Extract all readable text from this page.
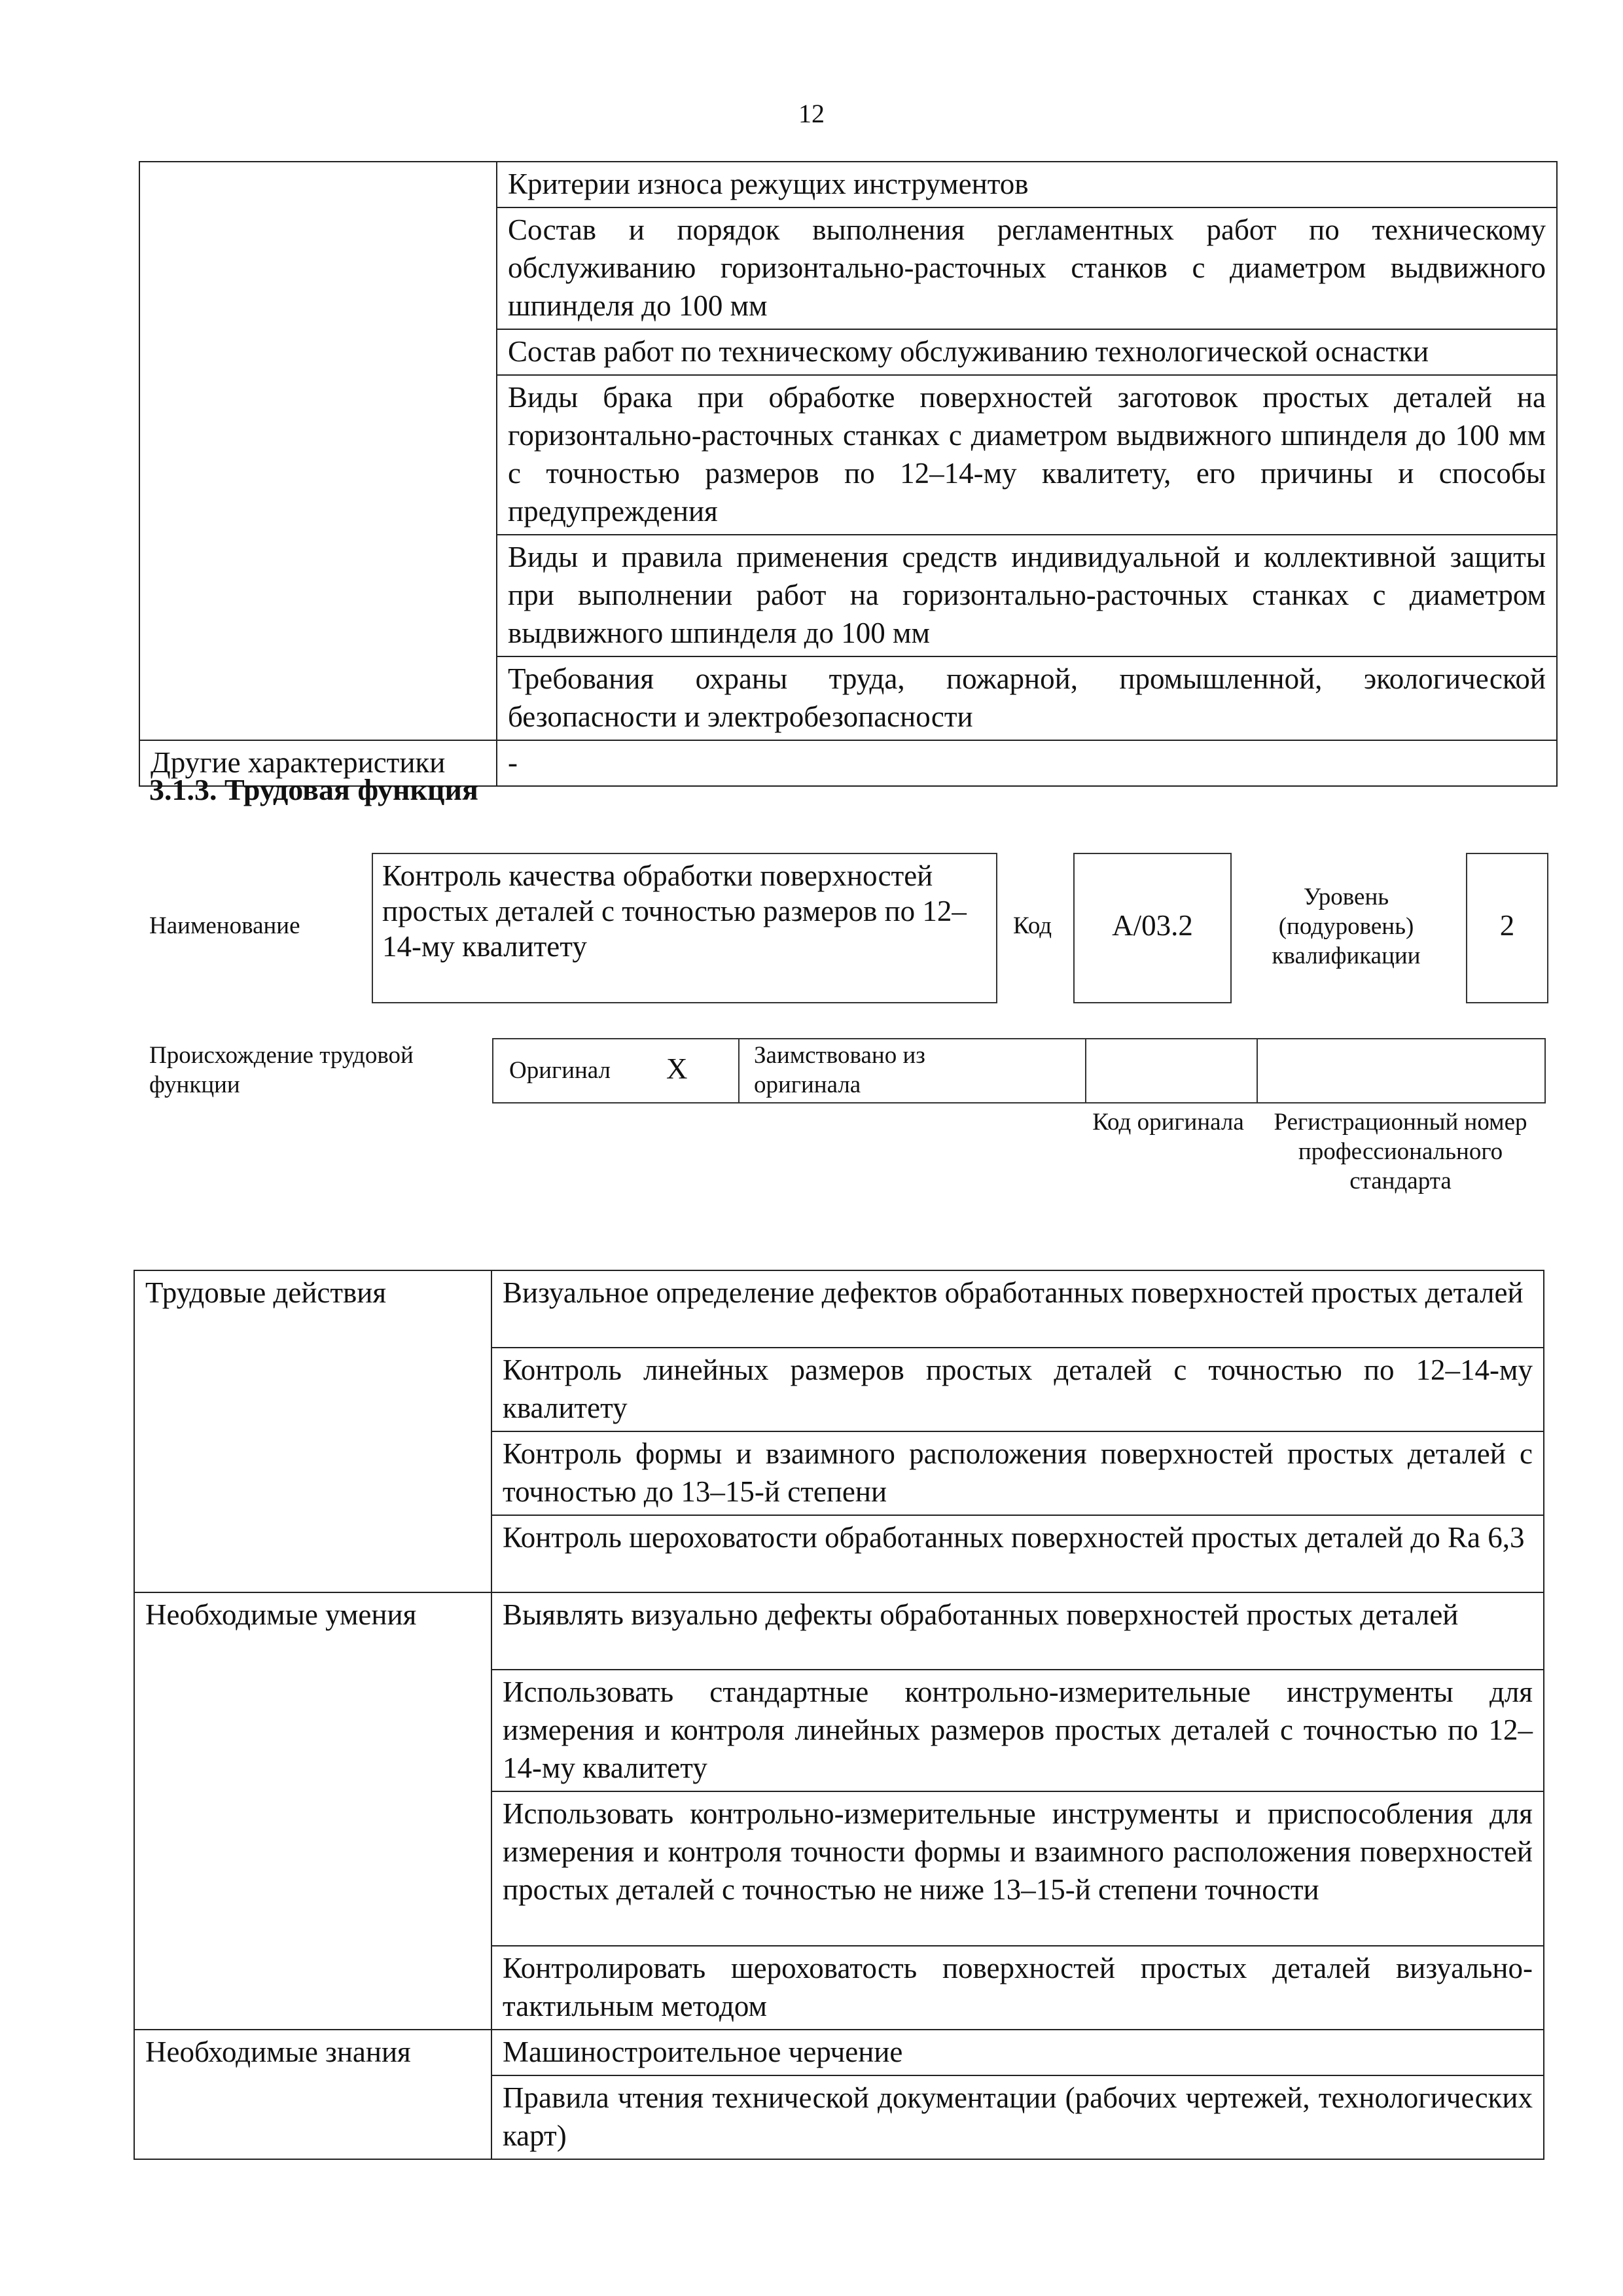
12
	Критерии износа режущих инструментов
	Состав и порядок выполнения регламентных работ по техническому обслуживанию горизонтально-расточных станков с диаметром выдвижного шпинделя до 100 мм
	Состав работ по техническому обслуживанию технологической оснастки
	Виды брака при обработке поверхностей заготовок простых деталей на горизонтально-расточных станках с диаметром выдвижного шпинделя до 100 мм с точностью размеров по 12–14-му квалитету, его причины и способы предупреждения
	Виды и правила применения средств индивидуальной и коллективной защиты при выполнении работ на горизонтально-расточных станках с диаметром выдвижного шпинделя до 100 мм
	Требования охраны труда, пожарной, промышленной, экологической безопасности и электробезопасности
Другие характеристики	-
3.1.3. Трудовая функция
Наименование
Контроль качества обработки поверхностей простых деталей с точностью размеров по 12–14-му квалитету
Код	A/03.2
Уровень (подуровень) квалификации
2
Происхождение трудовой функции
Оригинал X	Заимствовано из оригинала
Код оригинала	Регистрационный номер профессионального стандарта
Трудовые действия	Визуальное определение дефектов обработанных поверхностей простых деталей
	Контроль линейных размеров простых деталей с точностью по 12–14-му квалитету
	Контроль формы и взаимного расположения поверхностей простых деталей с точностью до 13–15-й степени
	Контроль шероховатости обработанных поверхностей простых деталей до Ra 6,3
Необходимые умения	Выявлять визуально дефекты обработанных поверхностей простых деталей
	Использовать стандартные контрольно-измерительные инструменты для измерения и контроля линейных размеров простых деталей с точностью по 12–14-му квалитету
	Использовать контрольно-измерительные инструменты и приспособления для измерения и контроля точности формы и взаимного расположения поверхностей простых деталей с точностью не ниже 13–15-й степени точности
	Контролировать шероховатость поверхностей простых деталей визуально-тактильным методом
Необходимые знания	Машиностроительное черчение
	Правила чтения технической документации (рабочих чертежей, технологических карт)
